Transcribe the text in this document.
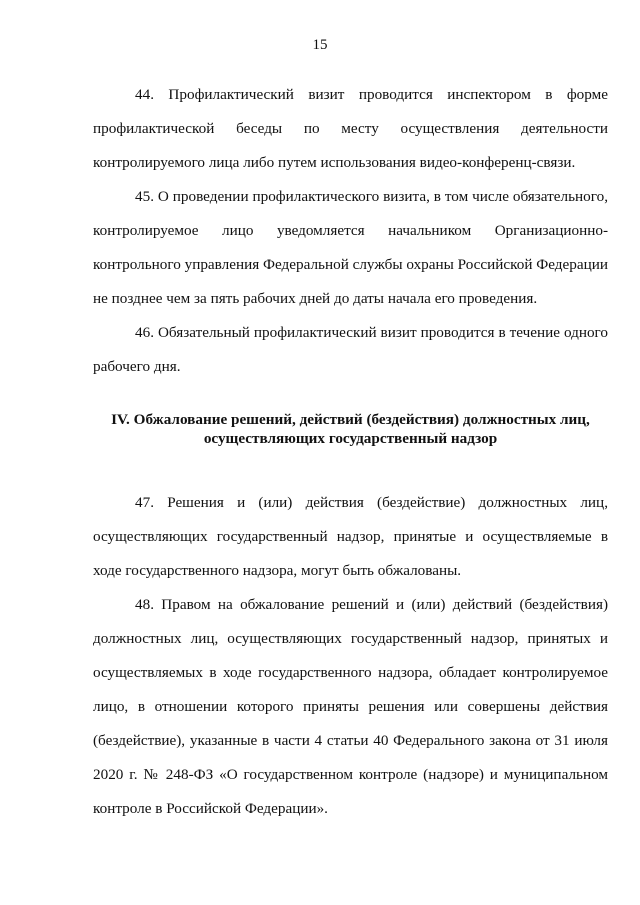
15

44. Профилактический визит проводится инспектором в форме профилактической беседы по месту осуществления деятельности контролируемого лица либо путем использования видео-конференц-связи.

45. О проведении профилактического визита, в том числе обязательного, контролируемое лицо уведомляется начальником Организационно-контрольного управления Федеральной службы охраны Российской Федерации не позднее чем за пять рабочих дней до даты начала его проведения.

46. Обязательный профилактический визит проводится в течение одного рабочего дня.

IV. Обжалование решений, действий (бездействия) должностных лиц,
осуществляющих государственный надзор

47. Решения и (или) действия (бездействие) должностных лиц, осуществляющих государственный надзор, принятые и осуществляемые в ходе государственного надзора, могут быть обжалованы.

48. Правом на обжалование решений и (или) действий (бездействия) должностных лиц, осуществляющих государственный надзор, принятых и осуществляемых в ходе государственного надзора, обладает контролируемое лицо, в отношении которого приняты решения или совершены действия (бездействие), указанные в части 4 статьи 40 Федерального закона от 31 июля 2020 г. № 248-ФЗ «О государственном контроле (надзоре) и муниципальном контроле в Российской Федерации».
